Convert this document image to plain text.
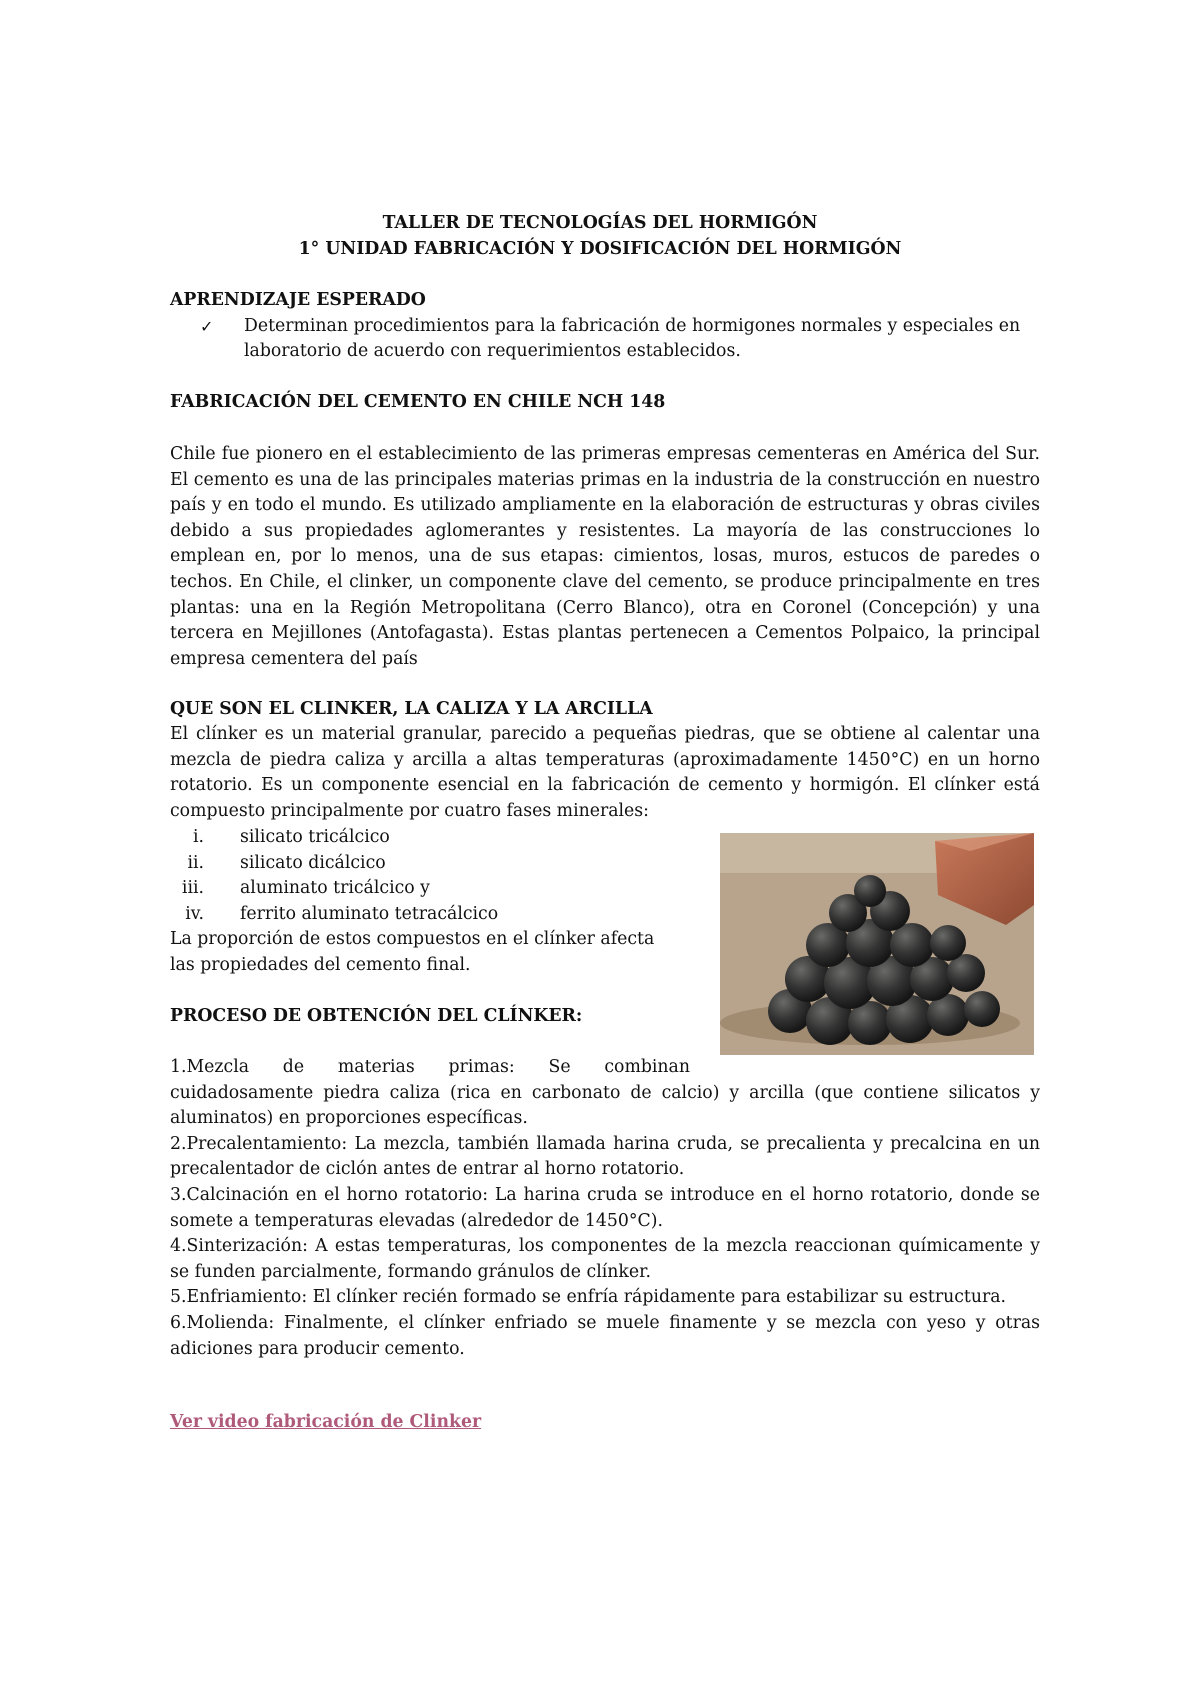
TALLER DE TECNOLOGÍAS DEL HORMIGÓN
1° UNIDAD FABRICACIÓN Y DOSIFICACIÓN DEL HORMIGÓN
APRENDIZAJE ESPERADO
✓ Determinan procedimientos para la fabricación de hormigones normales y especiales en laboratorio de acuerdo con requerimientos establecidos.
FABRICACIÓN DEL CEMENTO EN CHILE NCH 148
Chile fue pionero en el establecimiento de las primeras empresas cementeras en América del Sur. El cemento es una de las principales materias primas en la industria de la construcción en nuestro país y en todo el mundo. Es utilizado ampliamente en la elaboración de estructuras y obras civiles debido a sus propiedades aglomerantes y resistentes. La mayoría de las construcciones lo emplean en, por lo menos, una de sus etapas: cimientos, losas, muros, estucos de paredes o techos. En Chile, el clinker, un componente clave del cemento, se produce principalmente en tres plantas: una en la Región Metropolitana (Cerro Blanco), otra en Coronel (Concepción) y una tercera en Mejillones (Antofagasta). Estas plantas pertenecen a Cementos Polpaico, la principal empresa cementera del país
QUE SON EL CLINKER, LA CALIZA Y LA ARCILLA
El clínker es un material granular, parecido a pequeñas piedras, que se obtiene al calentar una mezcla de piedra caliza y arcilla a altas temperaturas (aproximadamente 1450°C) en un horno rotatorio. Es un componente esencial en la fabricación de cemento y hormigón. El clínker está compuesto principalmente por cuatro fases minerales:
i. silicato tricálcico
ii. silicato dicálcico
iii. aluminato tricálcico y
iv. ferrito aluminato tetracálcico
La proporción de estos compuestos en el clínker afecta
las propiedades del cemento final.
PROCESO DE OBTENCIÓN DEL CLÍNKER:
1.Mezcla de materias primas: Se combinan
cuidadosamente piedra caliza (rica en carbonato de calcio) y arcilla (que contiene silicatos y aluminatos) en proporciones específicas.
2.Precalentamiento: La mezcla, también llamada harina cruda, se precalienta y precalcina en un precalentador de ciclón antes de entrar al horno rotatorio.
3.Calcinación en el horno rotatorio: La harina cruda se introduce en el horno rotatorio, donde se somete a temperaturas elevadas (alrededor de 1450°C).
4.Sinterización: A estas temperaturas, los componentes de la mezcla reaccionan químicamente y se funden parcialmente, formando gránulos de clínker.
5.Enfriamiento: El clínker recién formado se enfría rápidamente para estabilizar su estructura.
6.Molienda: Finalmente, el clínker enfriado se muele finamente y se mezcla con yeso y otras adiciones para producir cemento.
Ver video fabricación de Clinker
